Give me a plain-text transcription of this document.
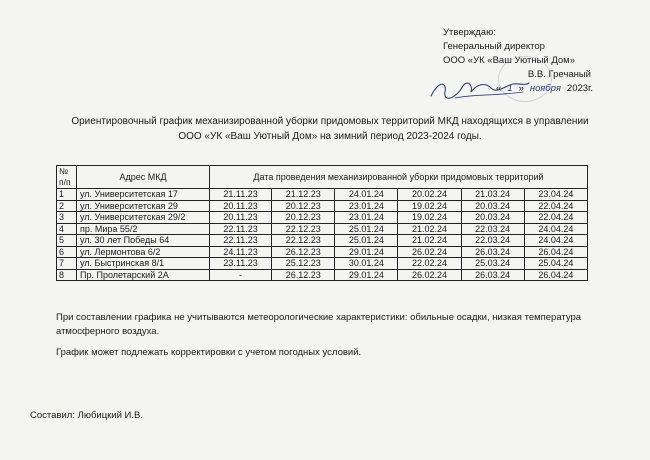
Утверждаю:
Генеральный директор
ООО «УК «Ваш Уютный Дом»
В.В. Гречаный
« 1 » ноября 2023г.
Ориентировочный график механизированной уборки придомовых территорий МКД находящихся в управлении
ООО «УК «Ваш Уютный Дом» на зимний период 2023-2024 годы.
№ п/п	Адрес МКД	Дата проведения механизированной уборки придомовых территорий					
1	ул. Университетская 17	21.11.23	21.12.23	24.01.24	20.02.24	21.03.24	23.04.24
2	ул. Университетская 29	20.11.23	20.12.23	23.01.24	19.02.24	20.03.24	22.04.24
3	ул. Университетская 29/2	20.11.23	20.12.23	23.01.24	19.02.24	20.03.24	22.04.24
4	пр. Мира 55/2	22.11.23	22.12.23	25.01.24	21.02.24	22.03.24	24.04.24
5	ул. 30 лет Победы 64	22.11.23	22.12.23	25.01.24	21.02.24	22.03.24	24.04.24
6	ул. Лермонтова 6/2	24.11.23	26.12.23	29.01.24	26.02.24	26.03.24	26.04.24
7	ул. Быстринская 8/1	23.11.23	25.12.23	30.01.24	22.02.24	25.03.24	25.04.24
8	Пр. Пролетарский 2А	-	26.12.23	29.01.24	26.02.24	26.03.24	26.04.24
При составлении графика не учитываются метеорологические характеристики: обильные осадки, низкая температура атмосферного воздуха.
График может подлежать корректировки с учетом погодных условий.
Составил: Любицкий И.В.
